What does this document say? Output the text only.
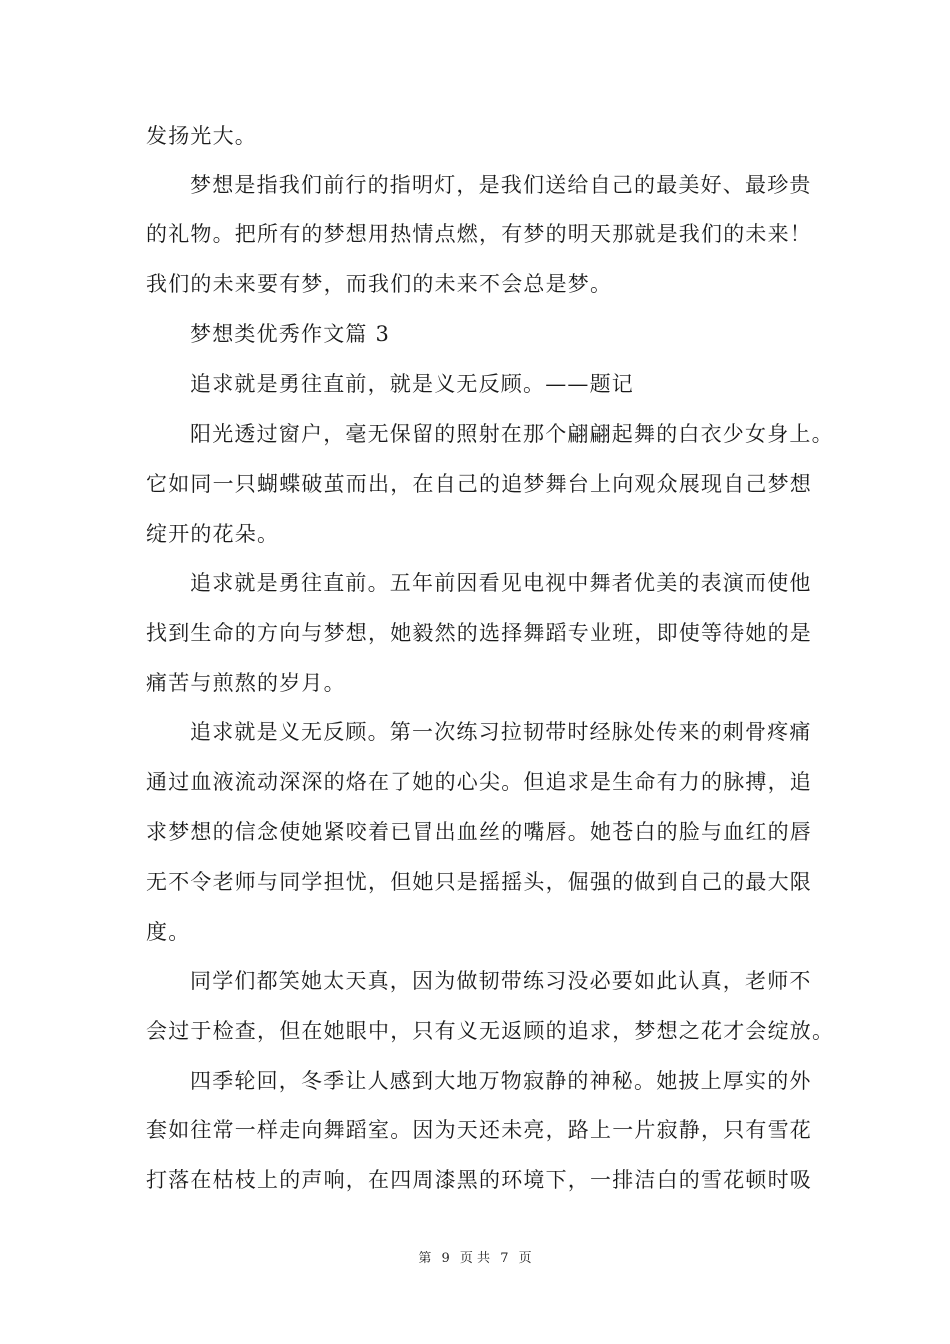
发扬光大。
梦想是指我们前行的指明灯，是我们送给自己的最美好、最珍贵
的礼物。把所有的梦想用热情点燃，有梦的明天那就是我们的未来！
我们的未来要有梦，而我们的未来不会总是梦。
梦想类优秀作文篇 3
追求就是勇往直前，就是义无反顾。——题记
阳光透过窗户，毫无保留的照射在那个翩翩起舞的白衣少女身上。
它如同一只蝴蝶破茧而出，在自己的追梦舞台上向观众展现自己梦想
绽开的花朵。
追求就是勇往直前。五年前因看见电视中舞者优美的表演而使他
找到生命的方向与梦想，她毅然的选择舞蹈专业班，即使等待她的是
痛苦与煎熬的岁月。
追求就是义无反顾。第一次练习拉韧带时经脉处传来的刺骨疼痛
通过血液流动深深的烙在了她的心尖。但追求是生命有力的脉搏，追
求梦想的信念使她紧咬着已冒出血丝的嘴唇。她苍白的脸与血红的唇
无不令老师与同学担忧，但她只是摇摇头，倔强的做到自己的最大限
度。
同学们都笑她太天真，因为做韧带练习没必要如此认真，老师不
会过于检查，但在她眼中，只有义无返顾的追求，梦想之花才会绽放。
四季轮回，冬季让人感到大地万物寂静的神秘。她披上厚实的外
套如往常一样走向舞蹈室。因为天还未亮，路上一片寂静，只有雪花
打落在枯枝上的声响，在四周漆黑的环境下，一排洁白的雪花顿时吸
第 9 页 共 7 页
